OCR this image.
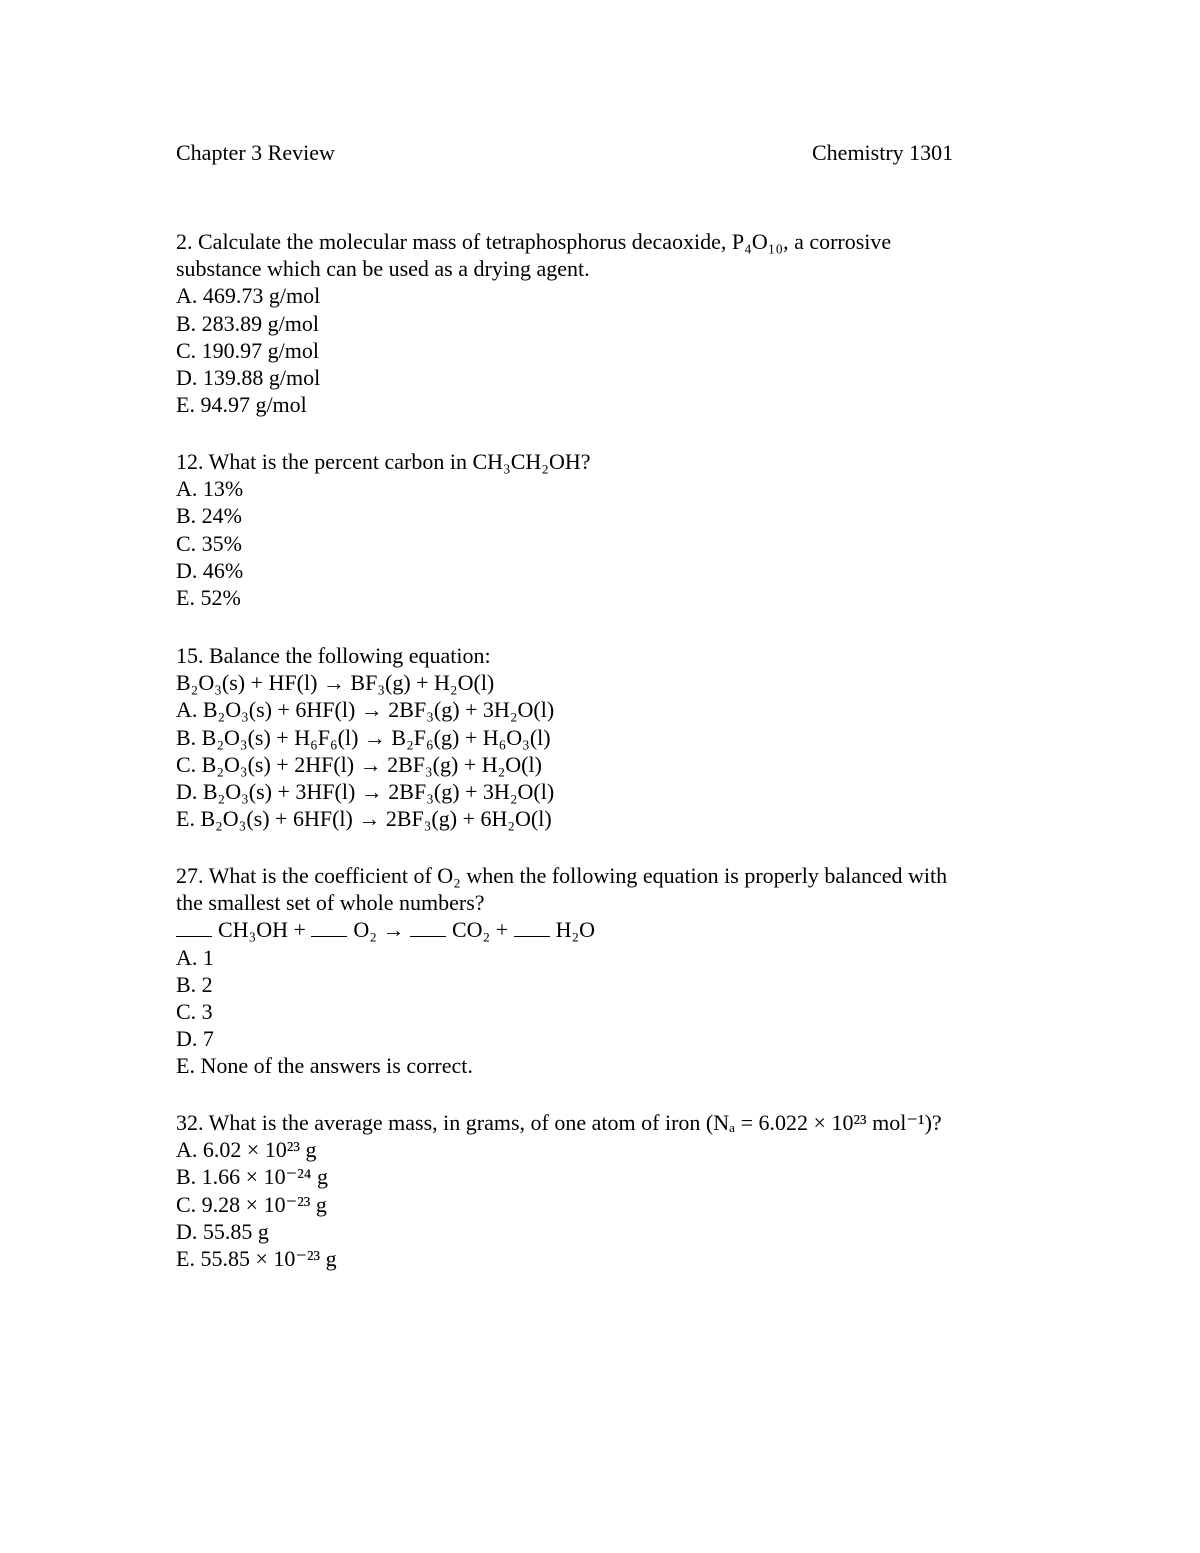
Chapter 3 Review	Chemistry 1301
2. Calculate the molecular mass of tetraphosphorus decaoxide, P₄O₁₀, a corrosive
substance which can be used as a drying agent.
A. 469.73 g/mol
B. 283.89 g/mol
C. 190.97 g/mol
D. 139.88 g/mol
E. 94.97 g/mol
12. What is the percent carbon in CH₃CH₂OH?
A. 13%
B. 24%
C. 35%
D. 46%
E. 52%
15. Balance the following equation:
B₂O₃(s) + HF(l) → BF₃(g) + H₂O(l)
A. B₂O₃(s) + 6HF(l) → 2BF₃(g) + 3H₂O(l)
B. B₂O₃(s) + H₆F₆(l) → B₂F₆(g) + H₆O₃(l)
C. B₂O₃(s) + 2HF(l) → 2BF₃(g) + H₂O(l)
D. B₂O₃(s) + 3HF(l) → 2BF₃(g) + 3H₂O(l)
E. B₂O₃(s) + 6HF(l) → 2BF₃(g) + 6H₂O(l)
27. What is the coefficient of O₂ when the following equation is properly balanced with
the smallest set of whole numbers?
CH₃OH + O₂ → CO₂ + H₂O
A. 1
B. 2
C. 3
D. 7
E. None of the answers is correct.
32. What is the average mass, in grams, of one atom of iron (Nₐ = 6.022 × 10²³ mol⁻¹)?
A. 6.02 × 10²³ g
B. 1.66 × 10⁻²⁴ g
C. 9.28 × 10⁻²³ g
D. 55.85 g
E. 55.85 × 10⁻²³ g
